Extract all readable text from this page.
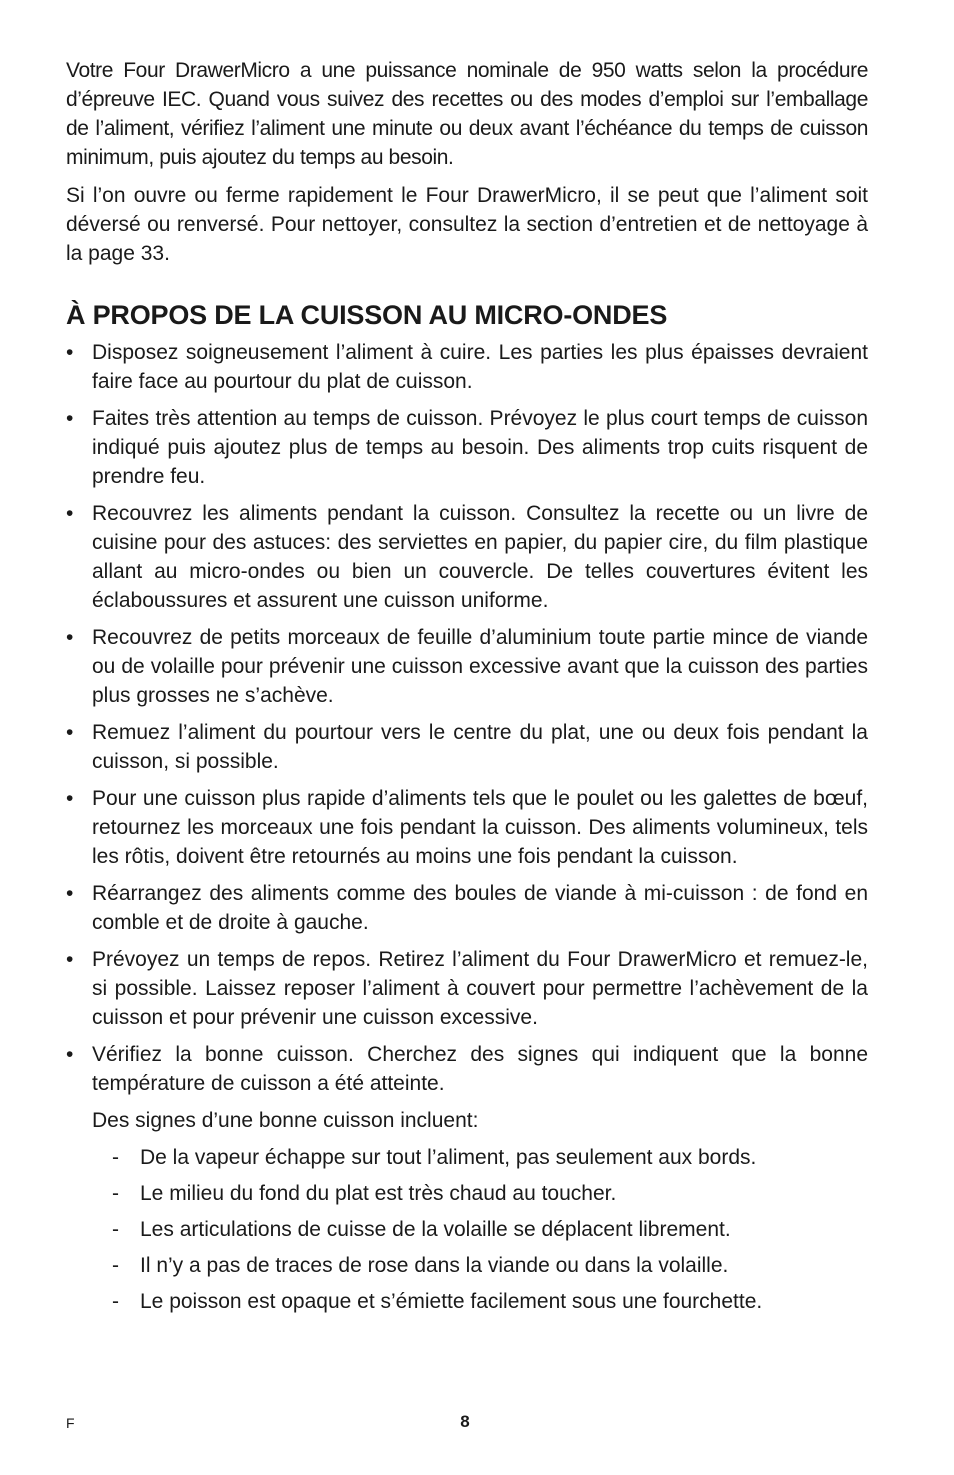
Votre Four DrawerMicro a une puissance nominale de 950 watts selon la procédure d’épreuve IEC. Quand vous suivez des recettes ou des modes d’emploi sur l’emballage de l’aliment, vérifiez l’aliment une minute ou deux avant l’échéance du temps de cuisson minimum, puis ajoutez du temps au besoin.

Si l’on ouvre ou ferme rapidement le Four DrawerMicro, il se peut que l’aliment soit déversé ou renversé. Pour nettoyer, consultez la section d’entretien et de nettoyage à la page 33.

À PROPOS DE LA CUISSON AU MICRO-ONDES
• Disposez soigneusement l’aliment à cuire. Les parties les plus épaisses devraient faire face au pourtour du plat de cuisson.
• Faites très attention au temps de cuisson. Prévoyez le plus court temps de cuisson indiqué puis ajoutez plus de temps au besoin. Des aliments trop cuits risquent de prendre feu.
• Recouvrez les aliments pendant la cuisson. Consultez la recette ou un livre de cuisine pour des astuces: des serviettes en papier, du papier cire, du film plastique allant au micro-ondes ou bien un couvercle. De telles couvertures évitent les éclaboussures et assurent une cuisson uniforme.
• Recouvrez de petits morceaux de feuille d’aluminium toute partie mince de viande ou de volaille pour prévenir une cuisson excessive avant que la cuisson des parties plus grosses ne s’achève.
• Remuez l’aliment du pourtour vers le centre du plat, une ou deux fois pendant la cuisson, si possible.
• Pour une cuisson plus rapide d’aliments tels que le poulet ou les galettes de bœuf, retournez les morceaux une fois pendant la cuisson. Des aliments volumineux, tels les rôtis, doivent être retournés au moins une fois pendant la cuisson.
• Réarrangez des aliments comme des boules de viande à mi-cuisson : de fond en comble et de droite à gauche.
• Prévoyez un temps de repos. Retirez l’aliment du Four DrawerMicro et remuez-le, si possible. Laissez reposer l’aliment à couvert pour permettre l’achèvement de la cuisson et pour prévenir une cuisson excessive.
• Vérifiez la bonne cuisson. Cherchez des signes qui indiquent que la bonne température de cuisson a été atteinte.

Des signes d’une bonne cuisson incluent:

- De la vapeur échappe sur tout l’aliment, pas seulement aux bords.
- Le milieu du fond du plat est très chaud au toucher.
- Les articulations de cuisse de la volaille se déplacent librement.
- Il n’y a pas de traces de rose dans la viande ou dans la volaille.
- Le poisson est opaque et s’émiette facilement sous une fourchette.
F	8
